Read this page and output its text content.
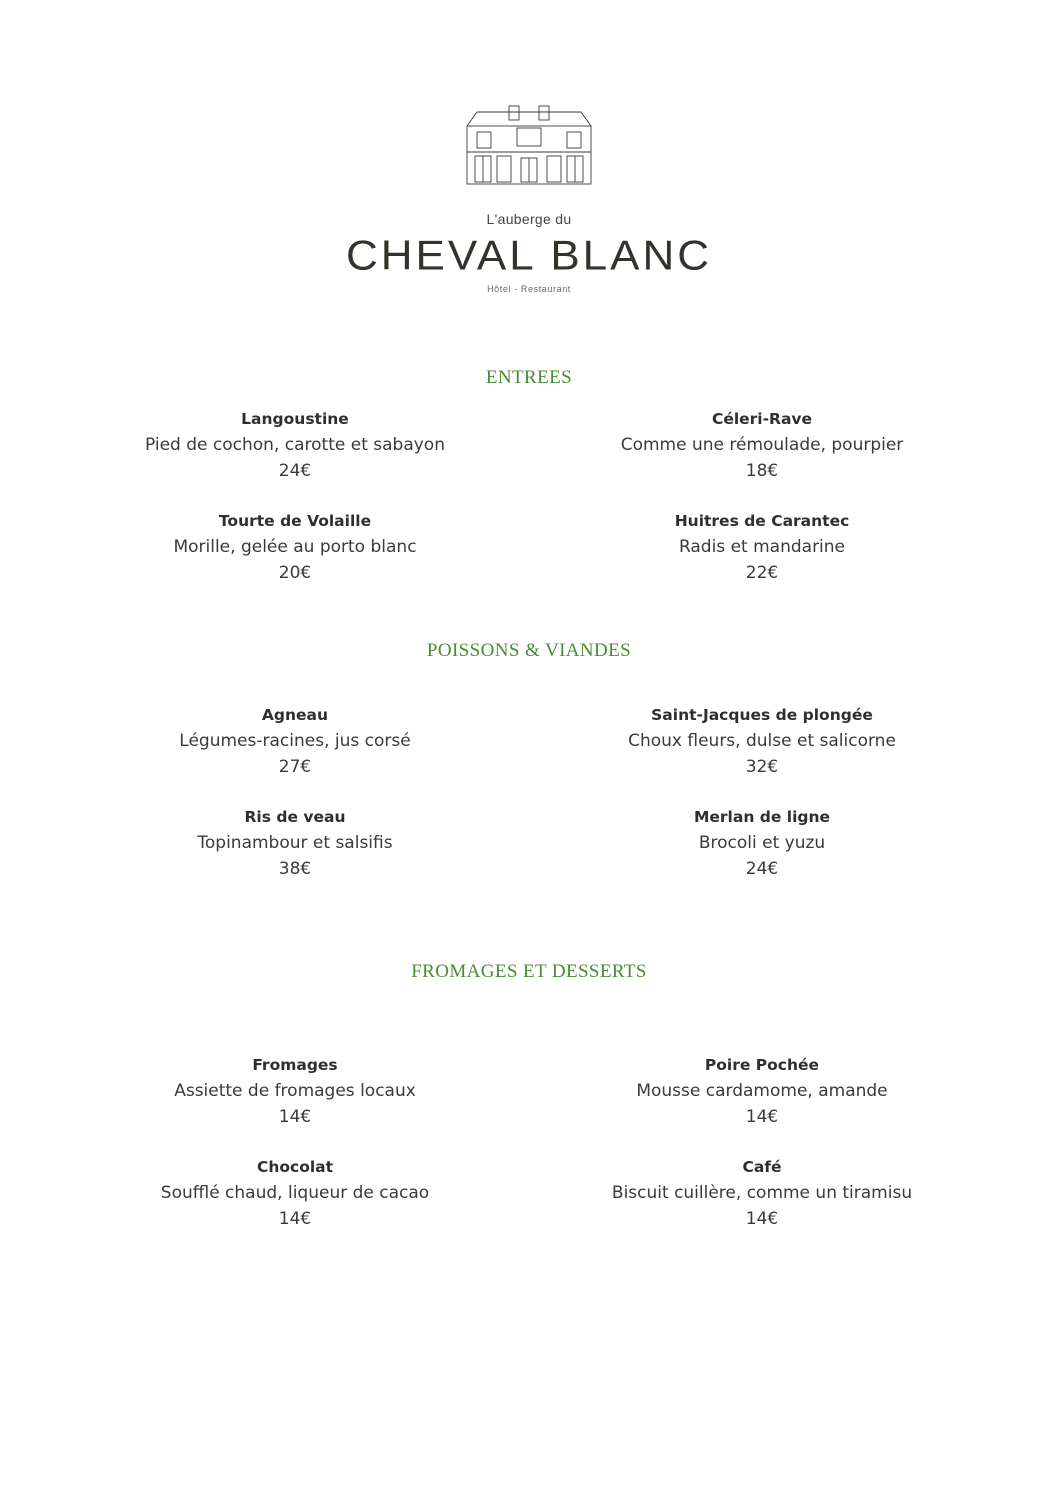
L'auberge du
CHEVAL BLANC
Hôtel - Restaurant
ENTREES
Langoustine
Pied de cochon, carotte et sabayon
24€
Céleri-Rave
Comme une rémoulade, pourpier
18€
Tourte de Volaille
Morille, gelée au porto blanc
20€
Huitres de Carantec
Radis et mandarine
22€
POISSONS & VIANDES
Agneau
Légumes-racines, jus corsé
27€
Saint-Jacques de plongée
Choux fleurs, dulse et salicorne
32€
Ris de veau
Topinambour et salsifis
38€
Merlan de ligne
Brocoli et yuzu
24€
FROMAGES ET DESSERTS
Fromages
Assiette de fromages locaux
14€
Poire Pochée
Mousse cardamome, amande
14€
Chocolat
Soufflé chaud, liqueur de cacao
14€
Café
Biscuit cuillère, comme un tiramisu
14€
